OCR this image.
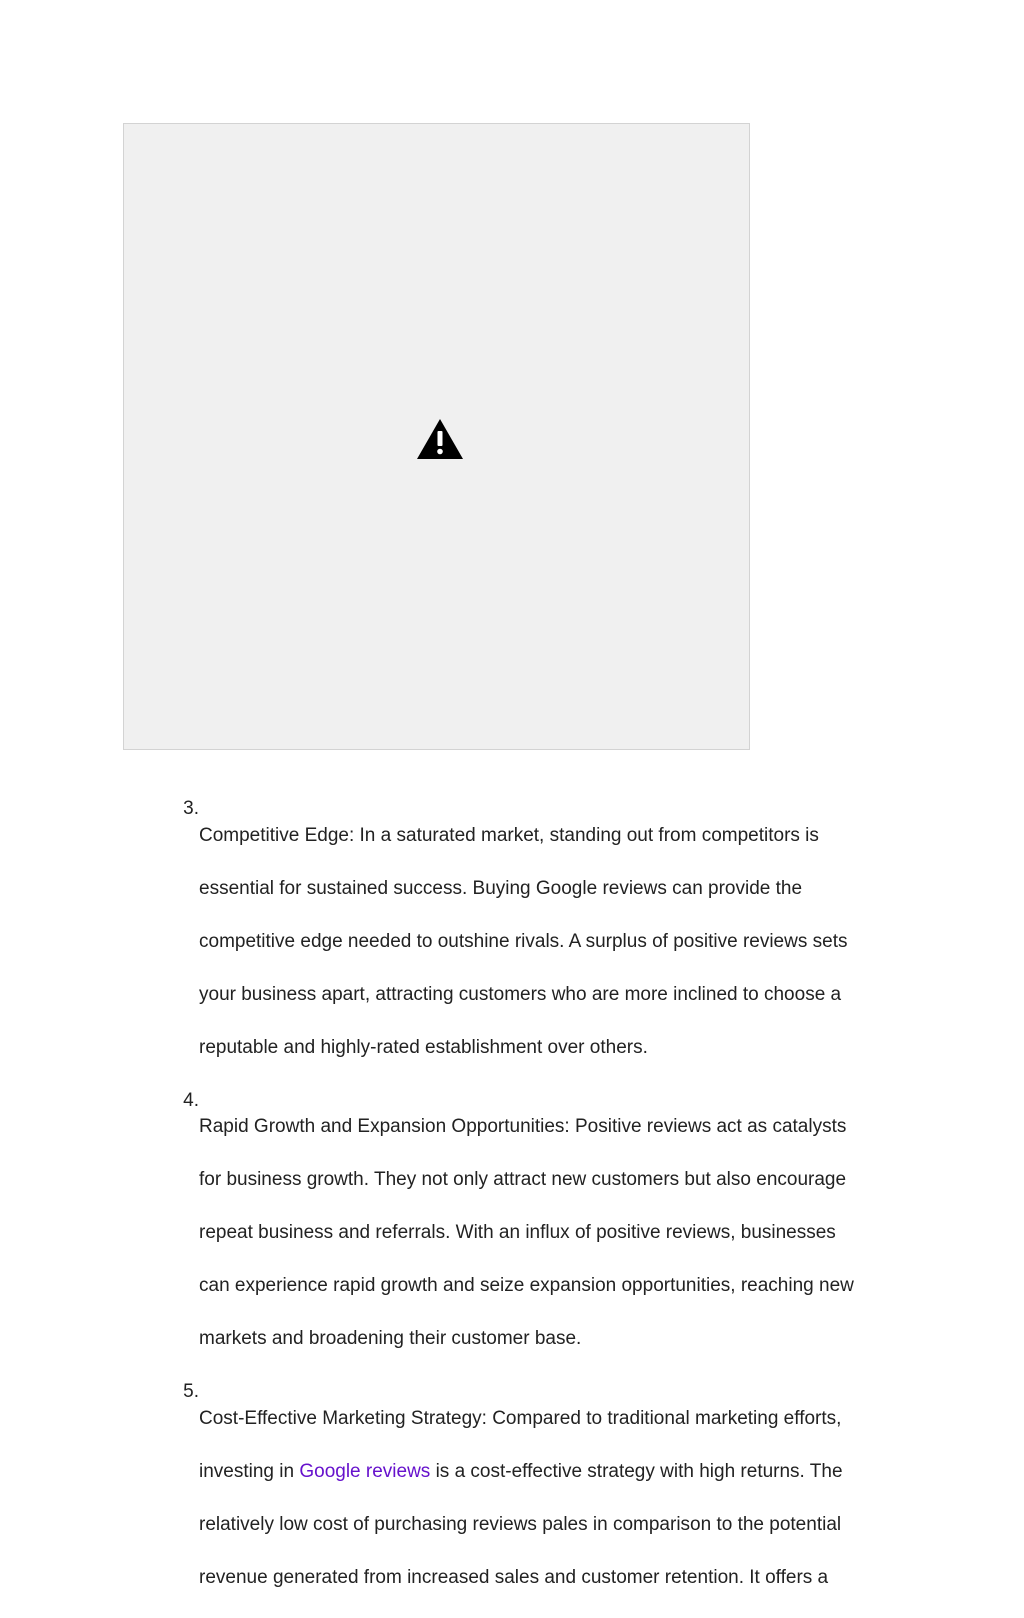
3.

Competitive Edge: In a saturated market, standing out from competitors is

essential for sustained success. Buying Google reviews can provide the

competitive edge needed to outshine rivals. A surplus of positive reviews sets

your business apart, attracting customers who are more inclined to choose a

reputable and highly-rated establishment over others.

4.

Rapid Growth and Expansion Opportunities: Positive reviews act as catalysts

for business growth. They not only attract new customers but also encourage

repeat business and referrals. With an influx of positive reviews, businesses

can experience rapid growth and seize expansion opportunities, reaching new

markets and broadening their customer base.

5.

Cost-Effective Marketing Strategy: Compared to traditional marketing efforts,

investing in Google reviews is a cost-effective strategy with high returns. The

relatively low cost of purchasing reviews pales in comparison to the potential

revenue generated from increased sales and customer retention. It offers a
